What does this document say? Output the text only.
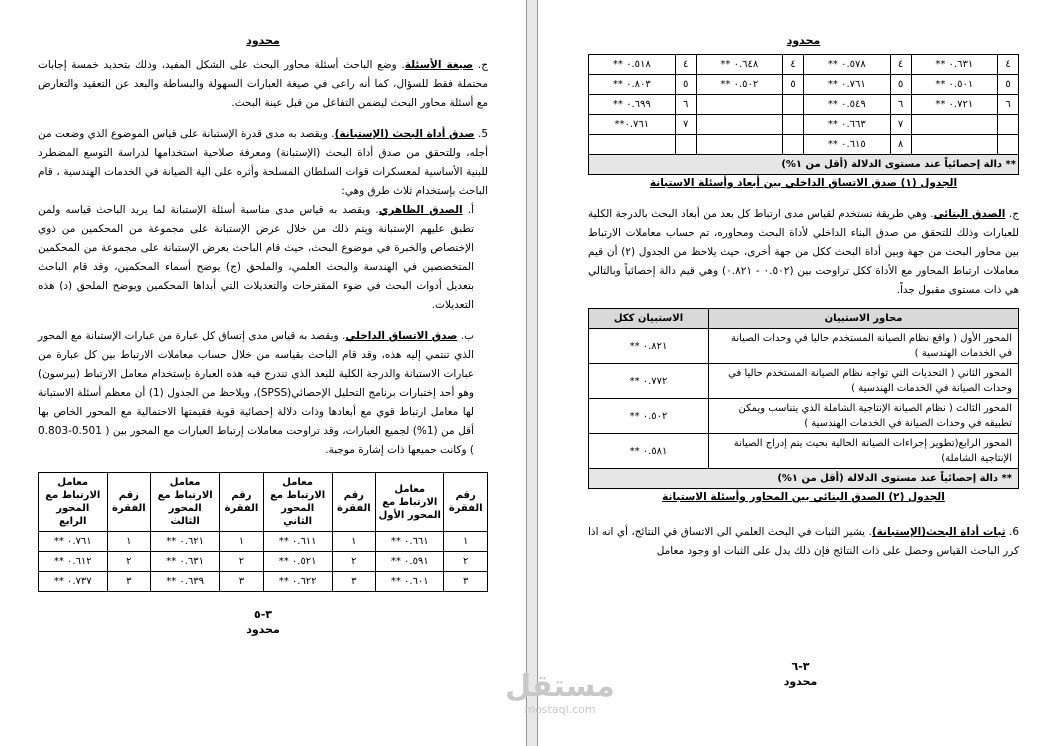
محدود

ج. صيغة الأسئلة. وضع الباحث أسئلة محاور البحث على الشكل المفيد، وذلك بتحديد خمسة إجابات محتملة فقط للسؤال، كما أنه راعى في صيغة العبارات السهولة والبساطة والبعد عن التعقيد والتعارض مع أسئلة محاور البحث ليضمن التفاعل من قبل عينة البحث.

5. صدق أداة البحث (الإستبانة). ويقصد به مدى قدرة الإستبانة على قياس الموضوع الذي وضعت من أجله، وللتحقق من صدق أداة البحث (الإستبانة) ومعرفة صلاحية استخدامها لدراسة التوسع المضطرد للبنية الأساسية لمعسكرات قوات السلطان المسلحة وأثره على الية الصيانة في الخدمات الهندسية ، قام الباحث بإستخدام ثلاث طرق وهي:

أ. الصدق الظاهري. ويقصد به قياس مدى مناسبة أسئلة الإستبانة لما يريد الباحث قياسه ولمن تطبق عليهم الإستبانة ويتم ذلك من خلال عرض الإستبانة على مجموعة من المحكمين من ذوي الإختصاص والخبرة في موضوع البحث، حيث قام الباحث بعرض الإستبانة على مجموعة من المحكمين المتخصصين في الهندسة والبحث العلمي، والملحق (ج) يوضح أسماء المحكمين، وقد قام الباحث بتعديل أدوات البحث في ضوء المقترحات والتعديلات التي أبداها المحكمين ويوضح الملحق (د) هذه التعديلات.

ب. صدق الاتساق الداخلي. ويقصد به قياس مدى إتساق كل عبارة من عبارات الإستبانة مع المحور الذي تنتمي إليه هذه، وقد قام الباحث بقياسه من خلال حساب معاملات الارتباط بين كل عبارة من عبارات الاستبانة والدرجة الكلية للبعد الذي تندرج فيه هذه العبارة بإستخدام معامل الارتباط (بيرسون) وهو أحد إختبارات برنامج التحليل الإحصائي(SPSS)، ويلاحظ من الجدول (1) أن معظم أسئلة الاستبانة لها معامل ارتباط قوي مع أبعادها وذات دلالة إحصائية قوية فقيمتها الاحتمالية مع المحور الخاص بها أقل من (1%) لجميع العبارات، وقد تراوحت معاملات إرتباط العبارات مع المحور بين ( 0.501-0.803 ) وكانت جميعها ذات إشارة موجبة.

رقم الفقرة	معامل الارتباط مع المحور الأول	رقم الفقرة	معامل الارتباط مع المحور الثاني	رقم الفقرة	معامل الارتباط مع المحور الثالث	رقم الفقرة	معامل الارتباط مع المحور الرابع
١	٠.٦٦١ **	١	٠.٦١١ **	١	٠.٦٢١ **	١	٠.٧٦١ **
٢	٠.٥٩١ **	٢	٠.٥٢١ **	٢	٠.٦٣١ **	٢	٠.٦١٢ **
٣	٠.٦٠١ **	٣	٠.٦٢٢ **	٣	٠.٦٣٩ **	٣	٠.٧٣٧ **
٣-٥
محدود
محدود
٤	٠.٦٣١ **	٤	٠.٥٧٨ **	٤	٠.٦٤٨ **	٤	٠.٥١٨ **
٥	٠.٥٠١ **	٥	٠.٧٦١ **	٥	٠.٥٠٢ **	٥	٠.٨٠٣ **
٦	٠.٧٢١ **	٦	٠.٥٤٩ **			٦	٠.٦٩٩ **
		٧	٠.٦٦٣ **			٧	٠.٧٦١**
		٨	٠.٦١٥ **				
** دالة إحصائياً عند مستوى الدلالة (أقل من ١%)							
الجدول (١) صدق الاتساق الداخلي بين أبعاد وأسئلة الاستبانة

ج. الصدق البنائي. وهي طريقة تستخدم لقياس مدى ارتباط كل بعد من أبعاد البحث بالدرجة الكلية للعبارات وذلك للتحقق من صدق البناء الداخلي لأداة البحث ومحاوره، تم حساب معاملات الارتباط بين محاور البحث من جهة وبين أداة البحث ككل من جهة أخرى، حيث يلاحظ من الجدول (٢) أن قيم معاملات ارتباط المحاور مع الأداة ككل تراوحت بين (٠.٥٠٢ - ٠.٨٢١) وهي قيم دالة إحصائياً وبالتالي هي ذات مستوى مقبول جداً.

محاور الاستبيان	الاستبيان ككل
المحور الأول ( واقع نظام الصيانة المستخدم حاليا في وحدات الصيانة في الخدمات الهندسية )	٠.٨٢١ **
المحور الثاني ( التحديات التي تواجه نظام الصيانة المستخدم حاليا في وحدات الصيانة في الخدمات الهندسية )	٠.٧٧٢ **
المحور الثالث ( نظام الصيانة الإنتاجية الشاملة الذي يتناسب ويمكن تطبيقه في وحدات الصيانة في الخدمات الهندسية )	٠.٥٠٢ **
المحور الرابع(تطوير إجراءات الصيانة الحالية بحيث يتم إدراج الصيانة الإنتاجية الشاملة)	٠.٥٨١ **
** دالة إحصائياً عند مستوى الدلالة (أقل من ١%)	
الجدول (٢) الصدق البنائي بين المحاور وأسئلة الاستبانة

6. ثبات أداة البحث(الإستبانة). يشير الثبات في البحث العلمي الى الاتساق في النتائج، أي انه اذا كرر الباحث القياس وحصل على ذات النتائج فإن ذلك يدل على الثبات او وجود معامل

٣-٦
محدود
مستقل
mostaql.com
